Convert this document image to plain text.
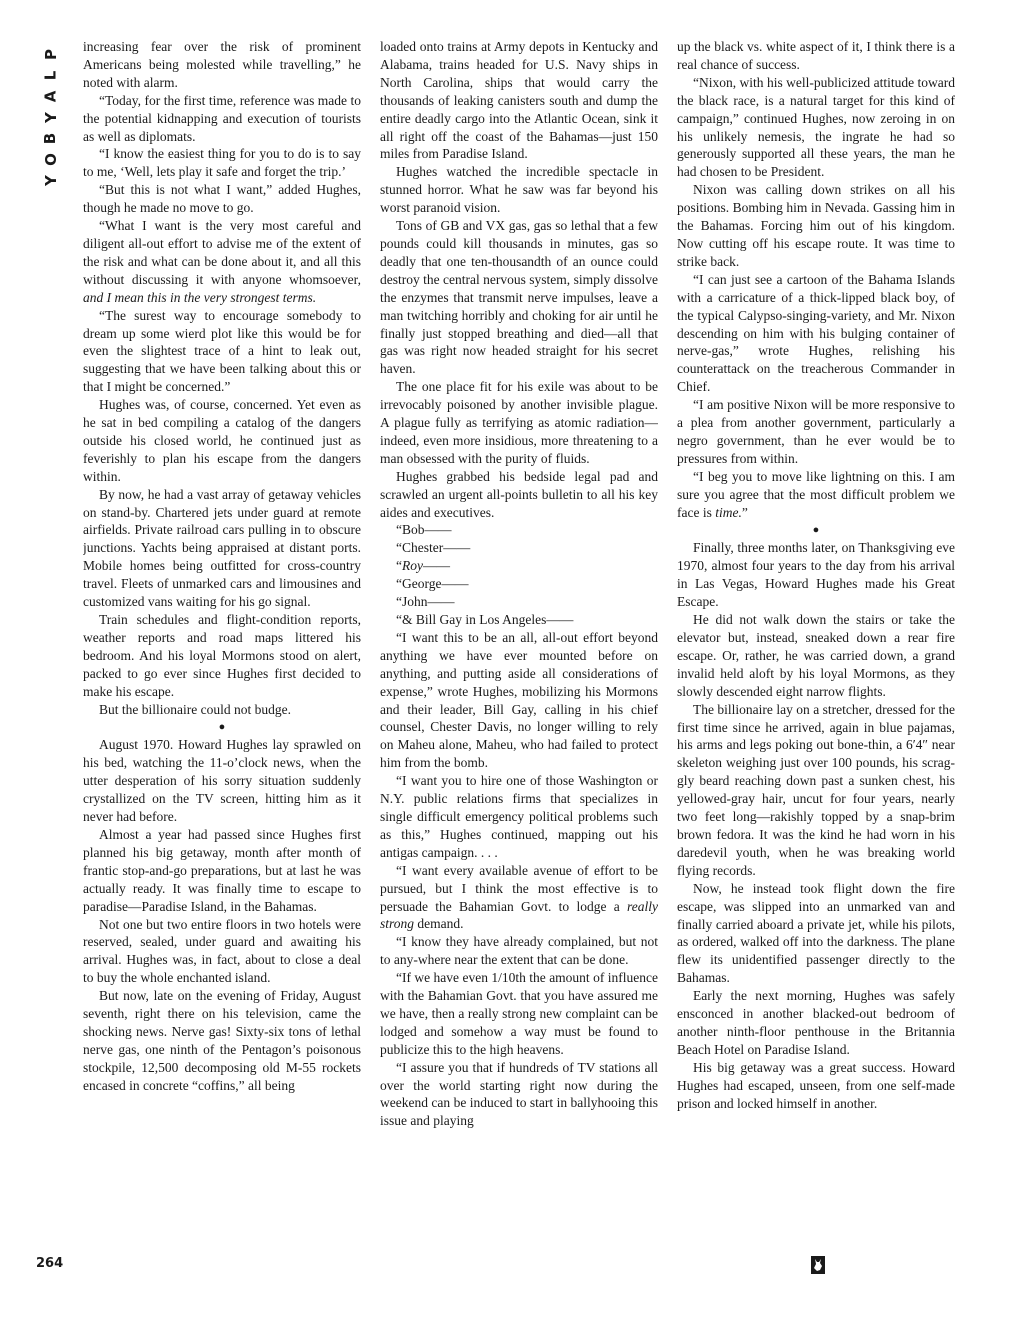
P
L
A
Y
B
O
Y
264

increasing fear over the risk of prominent Americans being molested while travelling,” he noted with alarm.

“Today, for the first time, reference was made to the potential kidnapping and execution of tourists as well as diplomats.

“I know the easiest thing for you to do is to say to me, ‘Well, lets play it safe and forget the trip.’

“But this is not what I want,” added Hughes, though he made no move to go.

“What I want is the very most careful and diligent all-out effort to advise me of the extent of the risk and what can be done about it, and all this without discussing it with anyone whomsoever, and I mean this in the very strongest terms.

“The surest way to encourage somebody to dream up some wierd plot like this would be for even the slightest trace of a hint to leak out, suggesting that we have been talking about this or that I might be concerned.”

Hughes was, of course, concerned. Yet even as he sat in bed compiling a catalog of the dangers outside his closed world, he continued just as feverishly to plan his escape from the dangers within.

By now, he had a vast array of getaway vehicles on stand-by. Chartered jets under guard at remote airfields. Private railroad cars pulling in to obscure junctions. Yachts being appraised at distant ports. Mobile homes being outfitted for cross-country travel. Fleets of unmarked cars and limousines and customized vans waiting for his go signal.

Train schedules and flight-condition reports, weather reports and road maps littered his bedroom. And his loyal Mormons stood on alert, packed to go ever since Hughes first decided to make his escape.

But the billionaire could not budge.

●

August 1970. Howard Hughes lay sprawled on his bed, watching the 11-o’clock news, when the utter desperation of his sorry situation suddenly crystallized on the TV screen, hitting him as it never had before.

Almost a year had passed since Hughes first planned his big getaway, month after month of frantic stop-and-go preparations, but at last he was actually ready. It was finally time to escape to paradise—Paradise Island, in the Bahamas.

Not one but two entire floors in two hotels were reserved, sealed, under guard and awaiting his arrival. Hughes was, in fact, about to close a deal to buy the whole enchanted island.

But now, late on the evening of Friday, August seventh, right there on his television, came the shocking news. Nerve gas! Sixty-six tons of lethal nerve gas, one ninth of the Pentagon’s poisonous stockpile, 12,500 decomposing old M-55 rockets encased in concrete “coffins,” all being

loaded onto trains at Army depots in Kentucky and Alabama, trains headed for U.S. Navy ships in North Carolina, ships that would carry the thousands of leaking canisters south and dump the entire deadly cargo into the Atlantic Ocean, sink it all right off the coast of the Bahamas—just 150 miles from Paradise Island.

Hughes watched the incredible spectacle in stunned horror. What he saw was far beyond his worst paranoid vision.

Tons of GB and VX gas, gas so lethal that a few pounds could kill thousands in minutes, gas so deadly that one ten-thousandth of an ounce could destroy the central nervous system, simply dissolve the enzymes that transmit nerve impulses, leave a man twitching horribly and choking for air until he finally just stopped breathing and died—all that gas was right now headed straight for his secret haven.

The one place fit for his exile was about to be irrevocably poisoned by another invisible plague. A plague fully as terrifying as atomic radiation—indeed, even more insidious, more threatening to a man obsessed with the purity of fluids.

Hughes grabbed his bedside legal pad and scrawled an urgent all-points bulletin to all his key aides and executives.

“Bob——

“Chester——

“Roy——

“George——

“John——

“& Bill Gay in Los Angeles——

“I want this to be an all, all-out effort beyond anything we have ever mounted before on anything, and putting aside all considerations of expense,” wrote Hughes, mobilizing his Mormons and their leader, Bill Gay, calling in his chief counsel, Chester Davis, no longer willing to rely on Maheu alone, Maheu, who had failed to protect him from the bomb.

“I want you to hire one of those Washington or N.Y. public relations firms that specializes in single difficult emergency political problems such as this,” Hughes continued, mapping out his antigas campaign. . . .

“I want every available avenue of effort to be pursued, but I think the most effective is to persuade the Bahamian Govt. to lodge a really strong demand.

“I know they have already complained, but not to any-where near the extent that can be done.

“If we have even 1/10th the amount of influence with the Bahamian Govt. that you have assured me we have, then a really strong new complaint can be lodged and somehow a way must be found to publicize this to the high heavens.

“I assure you that if hundreds of TV stations all over the world starting right now during the weekend can be induced to start in ballyhooing this issue and playing

up the black vs. white aspect of it, I think there is a real chance of success.

“Nixon, with his well-publicized attitude toward the black race, is a natural target for this kind of campaign,” continued Hughes, now zeroing in on his unlikely nemesis, the ingrate he had so generously supported all these years, the man he had chosen to be President.

Nixon was calling down strikes on all his positions. Bombing him in Nevada. Gassing him in the Bahamas. Forcing him out of his kingdom. Now cutting off his escape route. It was time to strike back.

“I can just see a cartoon of the Bahama Islands with a carricature of a thick-lipped black boy, of the typical Calypso-singing-variety, and Mr. Nixon descending on him with his bulging container of nerve-gas,” wrote Hughes, relishing his counterattack on the treacherous Commander in Chief.

“I am positive Nixon will be more responsive to a plea from another government, particularly a negro government, than he ever would be to pressures from within.

“I beg you to move like lightning on this. I am sure you agree that the most difficult problem we face is time.”

●

Finally, three months later, on Thanksgiving eve 1970, almost four years to the day from his arrival in Las Vegas, Howard Hughes made his Great Escape.

He did not walk down the stairs or take the elevator but, instead, sneaked down a rear fire escape. Or, rather, he was carried down, a grand invalid held aloft by his loyal Mormons, as they slowly descended eight narrow flights.

The billionaire lay on a stretcher, dressed for the first time since he arrived, again in blue pajamas, his arms and legs poking out bone-thin, a 6′4″ near skeleton weighing just over 100 pounds, his scraggly beard reaching down past a sunken chest, his yellowed-gray hair, uncut for four years, nearly two feet long—rakishly topped by a snap-brim brown fedora. It was the kind he had worn in his daredevil youth, when he was breaking world flying records.

Now, he instead took flight down the fire escape, was slipped into an unmarked van and finally carried aboard a private jet, while his pilots, as ordered, walked off into the darkness. The plane flew its unidentified passenger directly to the Bahamas.

Early the next morning, Hughes was safely ensconced in another blacked-out bedroom of another ninth-floor penthouse in the Britannia Beach Hotel on Paradise Island.

His big getaway was a great success. Howard Hughes had escaped, unseen, from one self-made prison and locked himself in another.
